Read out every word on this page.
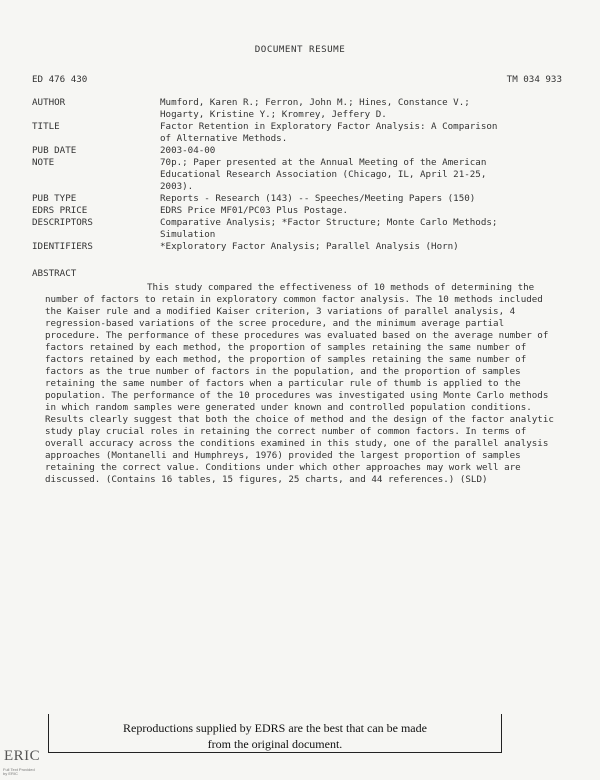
DOCUMENT RESUME
ED 476 430	TM 034 933
AUTHOR	Mumford, Karen R.; Ferron, John M.; Hines, Constance V.;
Hogarty, Kristine Y.; Kromrey, Jeffery D.
TITLE	Factor Retention in Exploratory Factor Analysis: A Comparison
of Alternative Methods.
PUB DATE	2003-04-00
NOTE	70p.; Paper presented at the Annual Meeting of the American
Educational Research Association (Chicago, IL, April 21-25,
2003).
PUB TYPE	Reports - Research (143) -- Speeches/Meeting Papers (150)
EDRS PRICE	EDRS Price MF01/PC03 Plus Postage.
DESCRIPTORS	Comparative Analysis; *Factor Structure; Monte Carlo Methods;
Simulation
IDENTIFIERS	*Exploratory Factor Analysis; Parallel Analysis (Horn)
ABSTRACT
This study compared the effectiveness of 10 methods of determining the number of factors to retain in exploratory common factor analysis. The 10 methods included the Kaiser rule and a modified Kaiser criterion, 3 variations of parallel analysis, 4 regression-based variations of the scree procedure, and the minimum average partial procedure. The performance of these procedures was evaluated based on the average number of factors retained by each method, the proportion of samples retaining the same number of factors retained by each method, the proportion of samples retaining the same number of factors as the true number of factors in the population, and the proportion of samples retaining the same number of factors when a particular rule of thumb is applied to the population. The performance of the 10 procedures was investigated using Monte Carlo methods in which random samples were generated under known and controlled population conditions. Results clearly suggest that both the choice of method and the design of the factor analytic study play crucial roles in retaining the correct number of common factors. In terms of overall accuracy across the conditions examined in this study, one of the parallel analysis approaches (Montanelli and Humphreys, 1976) provided the largest proportion of samples retaining the correct value. Conditions under which other approaches may work well are discussed. (Contains 16 tables, 15 figures, 25 charts, and 44 references.) (SLD)
Reproductions supplied by EDRS are the best that can be made
from the original document.
ERIC
Full Text Provided by ERIC
